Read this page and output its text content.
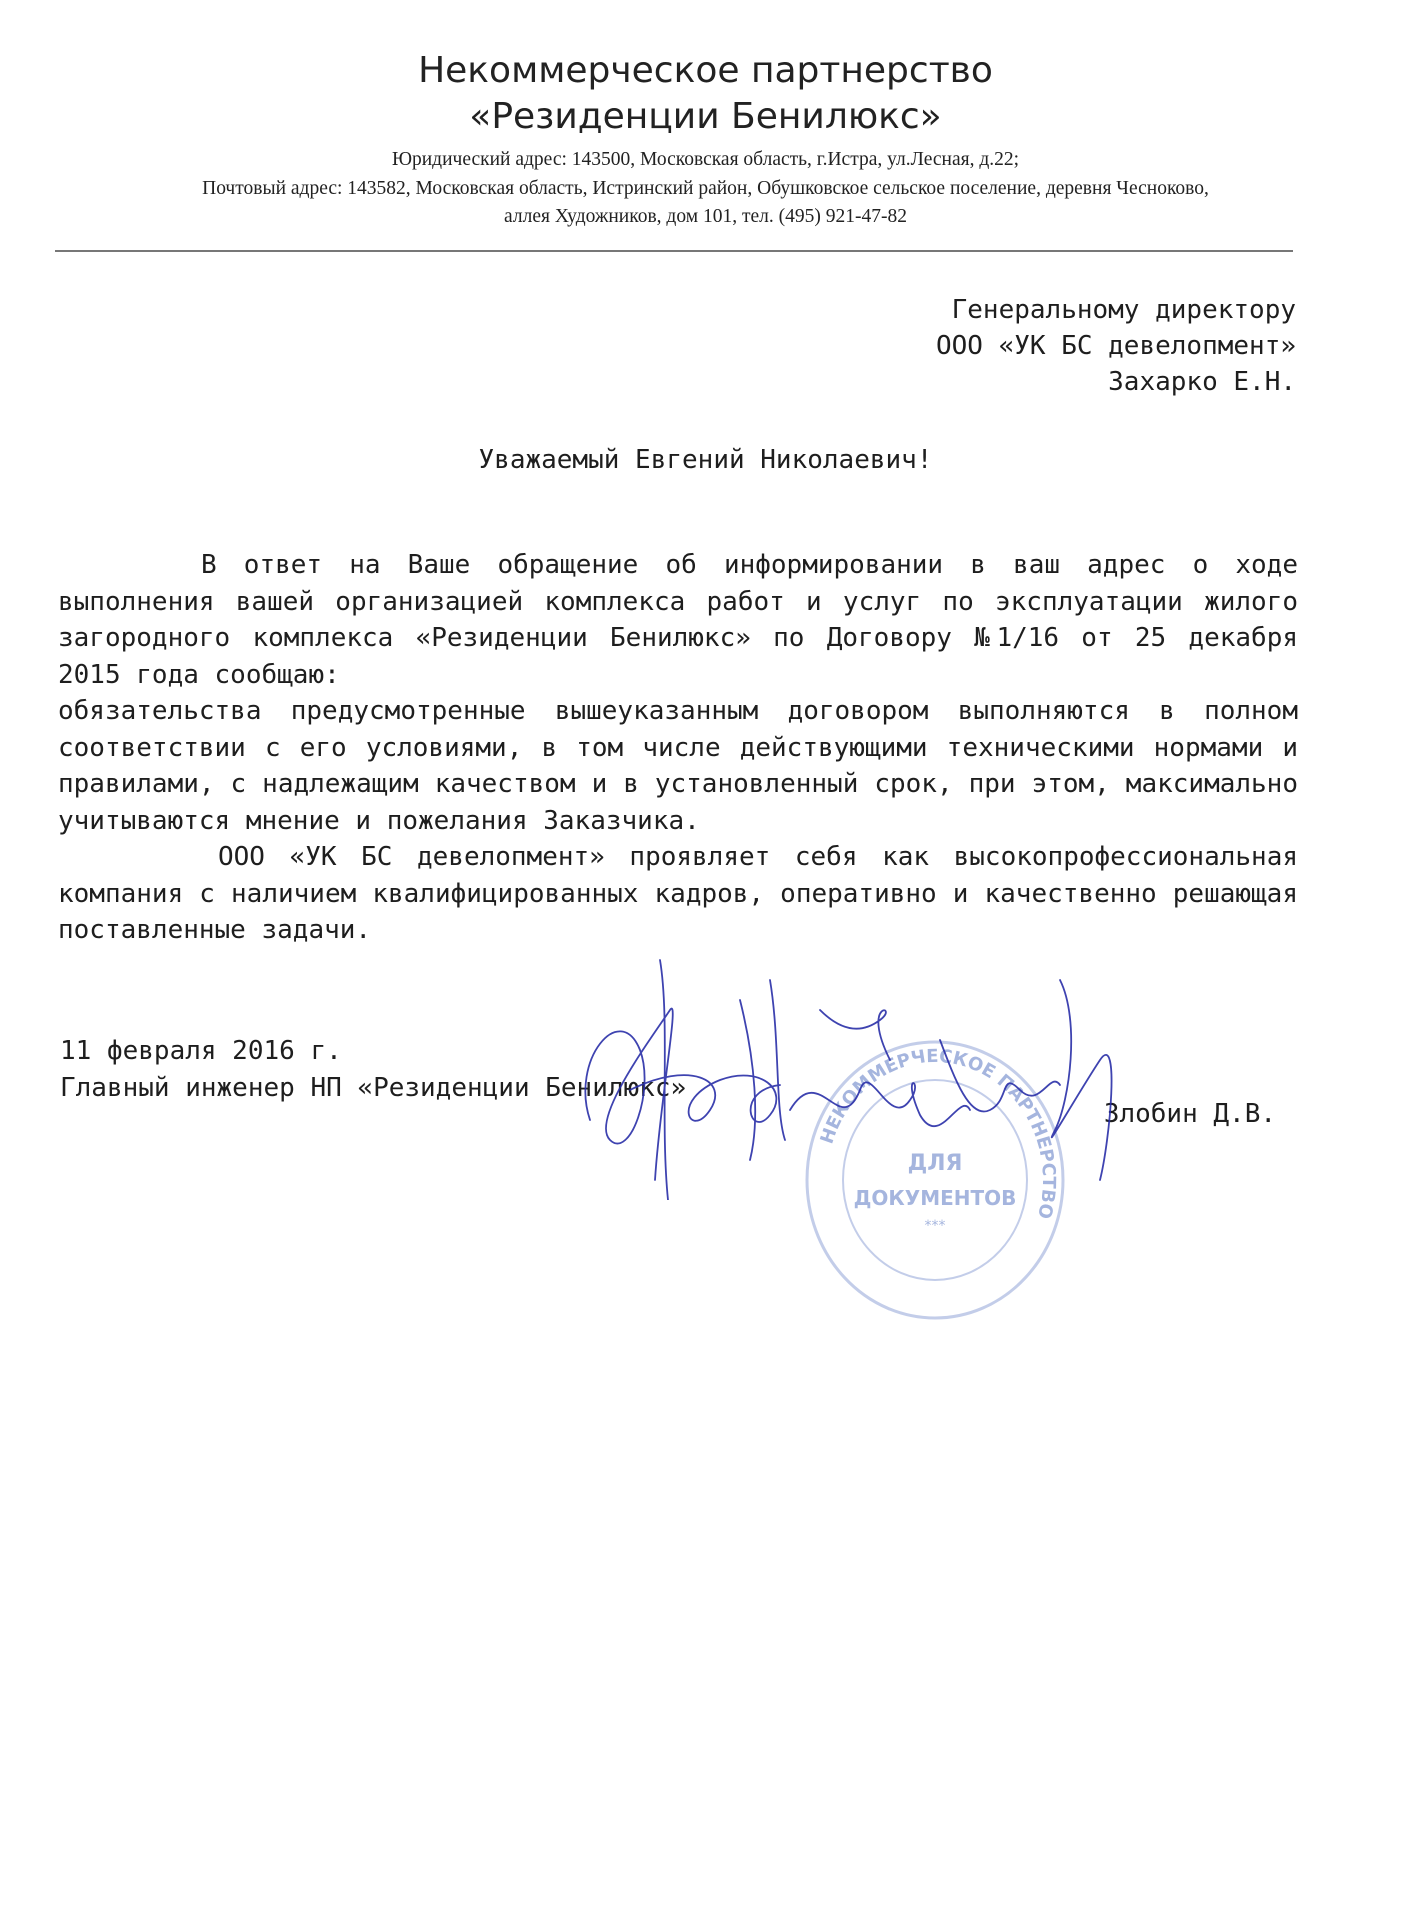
Некоммерческое партнерство
«Резиденции Бенилюкс»
Юридический адрес: 143500, Московская область, г.Истра, ул.Лесная, д.22;
Почтовый адрес: 143582, Московская область, Истринский район, Обушковское сельское поселение, деревня Чесноково,
аллея Художников, дом 101, тел. (495) 921-47-82
Генеральному директору
ООО «УК БС девелопмент»
Захарко Е.Н.
Уважаемый Евгений Николаевич!

В ответ на Ваше обращение об информировании в ваш адрес о ходе выполнения вашей организацией комплекса работ и услуг по эксплуатации жилого загородного комплекса «Резиденции Бенилюкс» по Договору №1/16 от 25 декабря 2015 года сообщаю:

обязательства предусмотренные вышеуказанным договором выполняются в полном соответствии с его условиями, в том числе действующими техническими нормами и правилами, с надлежащим качеством и в установленный срок, при этом, максимально учитываются мнение и пожелания Заказчика.

ООО «УК БС девелопмент» проявляет себя как высокопрофессиональная компания с наличием квалифицированных кадров, оперативно и качественно решающая поставленные задачи.

11 февраля 2016 г.
Главный инженер НП «Резиденции Бенилюкс»
Злобин Д.В.
НЕКОММЕРЧЕСКОЕ ПАРТНЕРСТВО
ДЛЯ
ДОКУМЕНТОВ
***
